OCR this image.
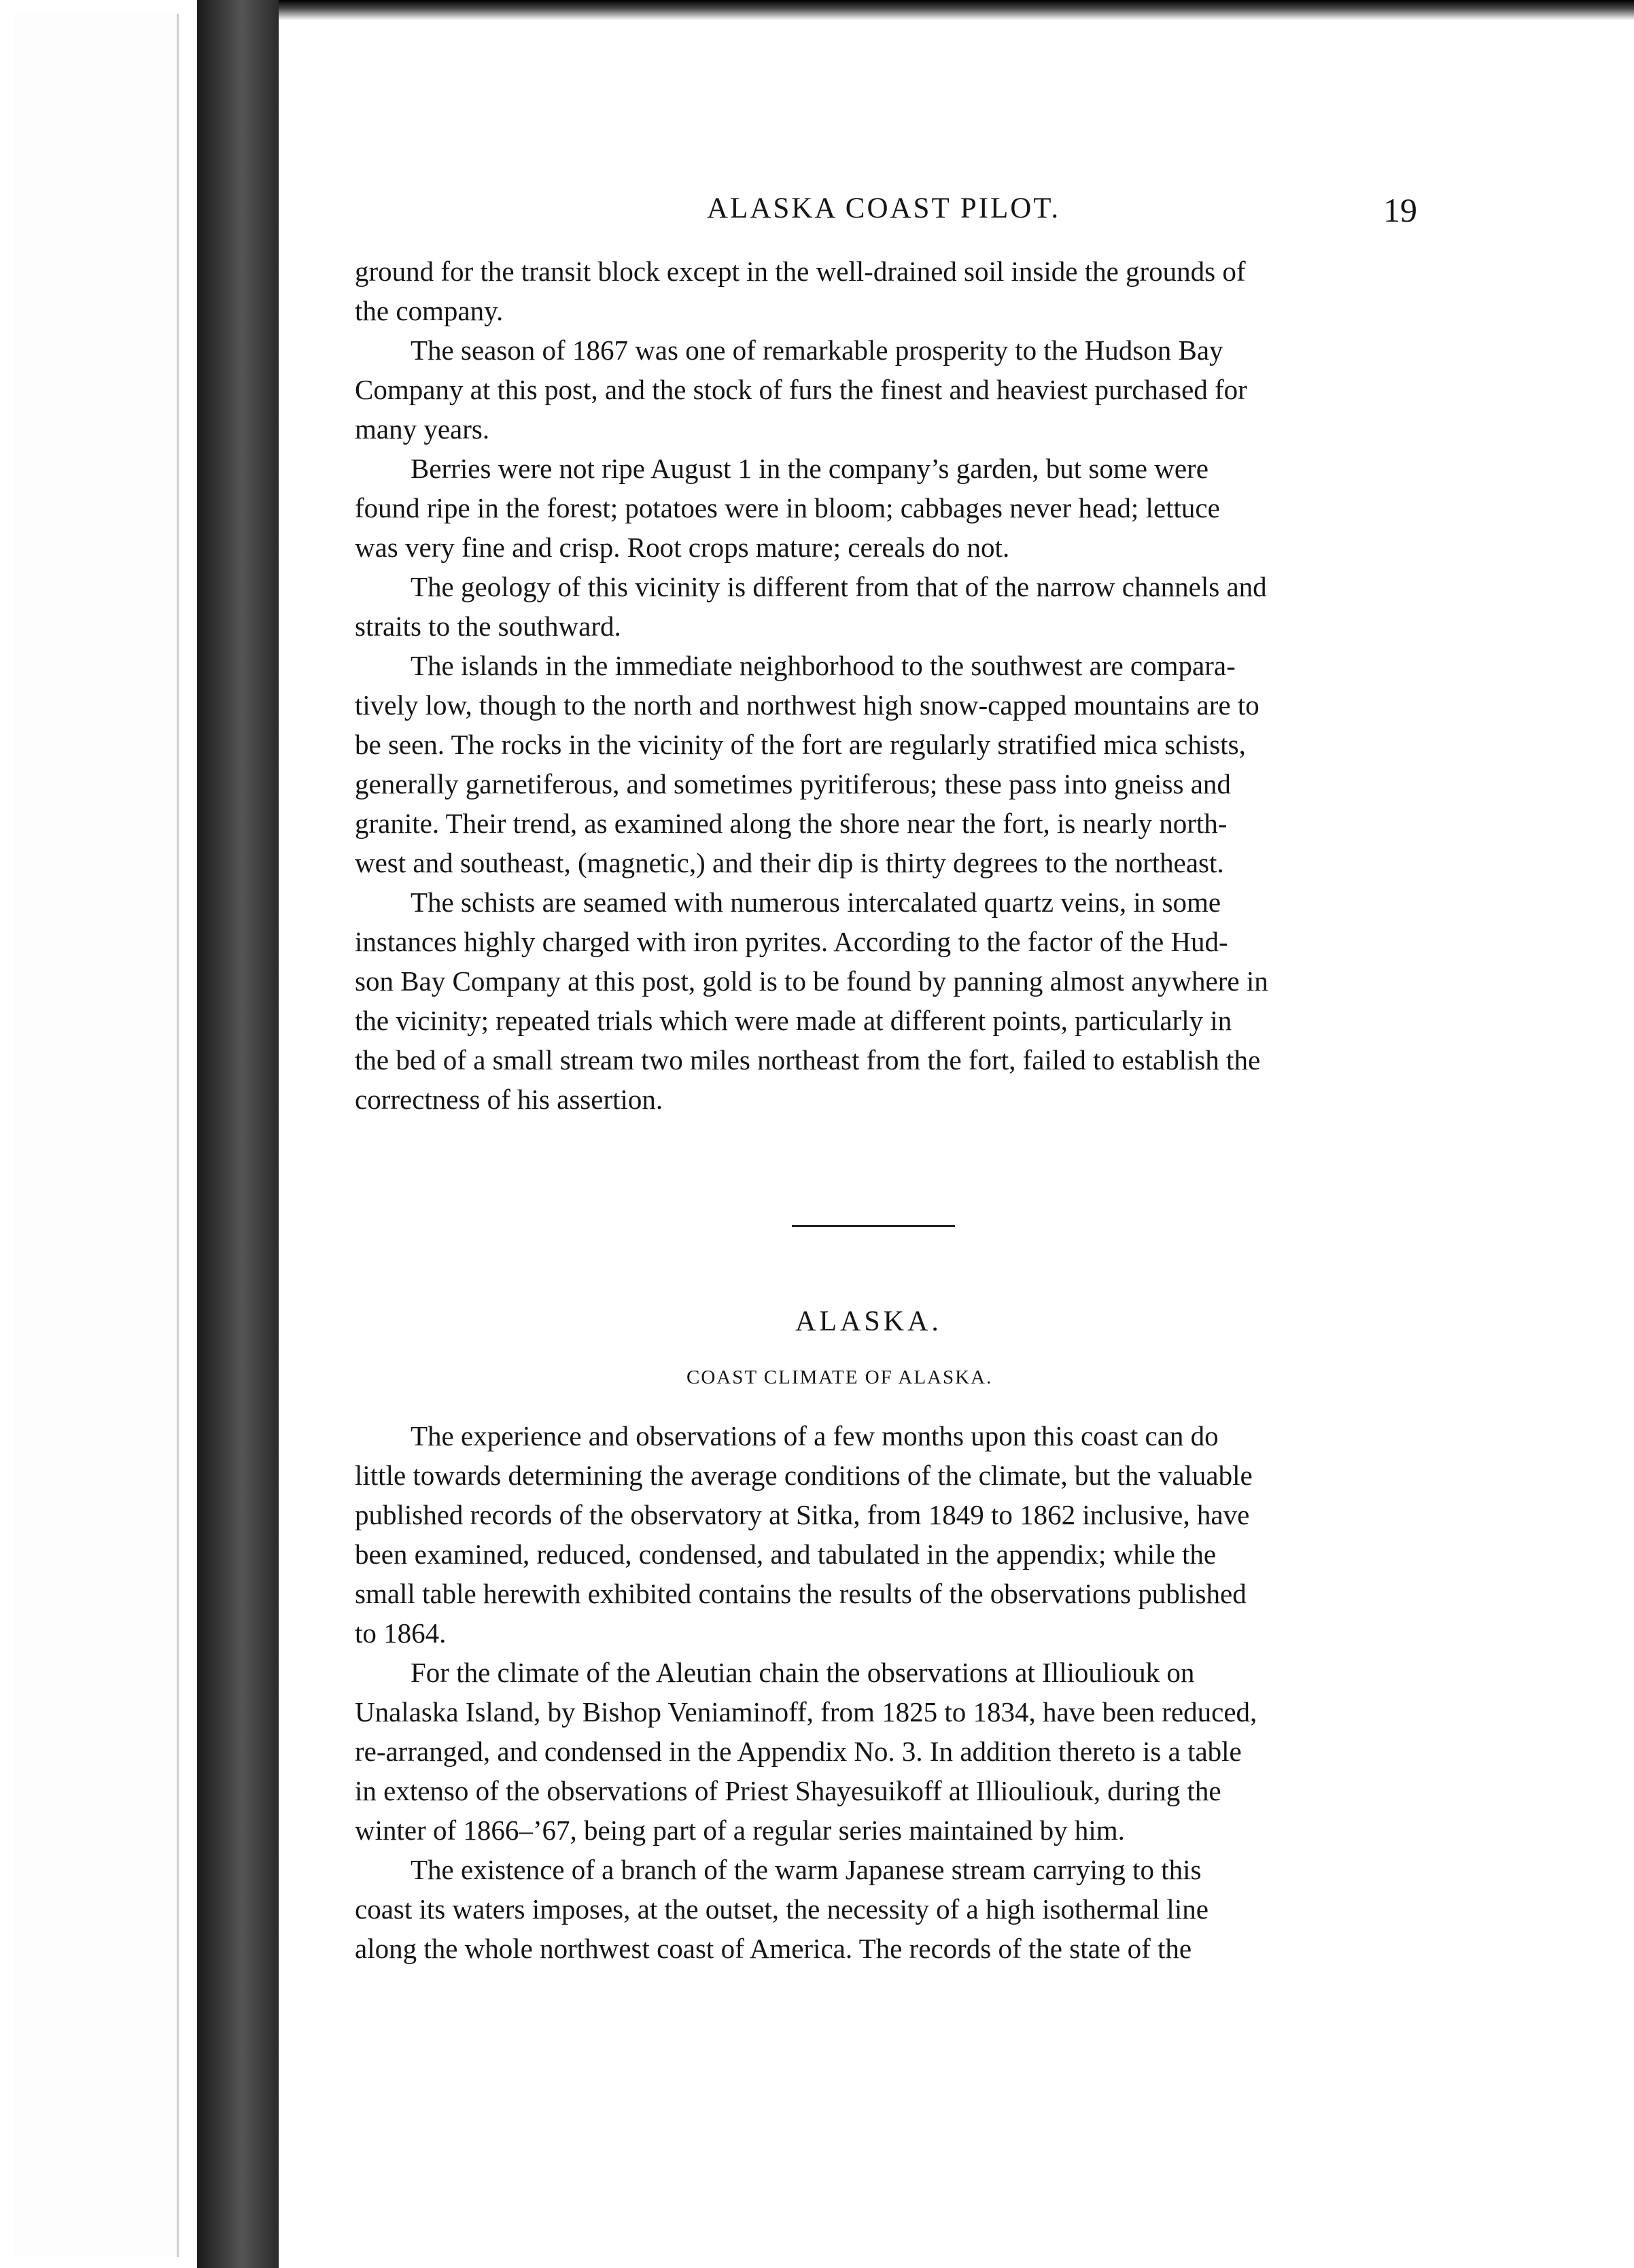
ALASKA COAST PILOT.	19
ground for the transit block except in the well-drained soil inside the grounds of
the company.
The season of 1867 was one of remarkable prosperity to the Hudson Bay
Company at this post, and the stock of furs the finest and heaviest purchased for
many years.
Berries were not ripe August 1 in the company’s garden, but some were
found ripe in the forest; potatoes were in bloom; cabbages never head; lettuce
was very fine and crisp. Root crops mature; cereals do not.
The geology of this vicinity is different from that of the narrow channels and
straits to the southward.
The islands in the immediate neighborhood to the southwest are compara-
tively low, though to the north and northwest high snow-capped mountains are to
be seen. The rocks in the vicinity of the fort are regularly stratified mica schists,
generally garnetiferous, and sometimes pyritiferous; these pass into gneiss and
granite. Their trend, as examined along the shore near the fort, is nearly north-
west and southeast, (magnetic,) and their dip is thirty degrees to the northeast.
The schists are seamed with numerous intercalated quartz veins, in some
instances highly charged with iron pyrites. According to the factor of the Hud-
son Bay Company at this post, gold is to be found by panning almost anywhere in
the vicinity; repeated trials which were made at different points, particularly in
the bed of a small stream two miles northeast from the fort, failed to establish the
correctness of his assertion.
ALASKA.
COAST CLIMATE OF ALASKA.
The experience and observations of a few months upon this coast can do
little towards determining the average conditions of the climate, but the valuable
published records of the observatory at Sitka, from 1849 to 1862 inclusive, have
been examined, reduced, condensed, and tabulated in the appendix; while the
small table herewith exhibited contains the results of the observations published
to 1864.
For the climate of the Aleutian chain the observations at Illiouliouk on
Unalaska Island, by Bishop Veniaminoff, from 1825 to 1834, have been reduced,
re-arranged, and condensed in the Appendix No. 3. In addition thereto is a table
in extenso of the observations of Priest Shayesuikoff at Illiouliouk, during the
winter of 1866–’67, being part of a regular series maintained by him.
The existence of a branch of the warm Japanese stream carrying to this
coast its waters imposes, at the outset, the necessity of a high isothermal line
along the whole northwest coast of America. The records of the state of the
